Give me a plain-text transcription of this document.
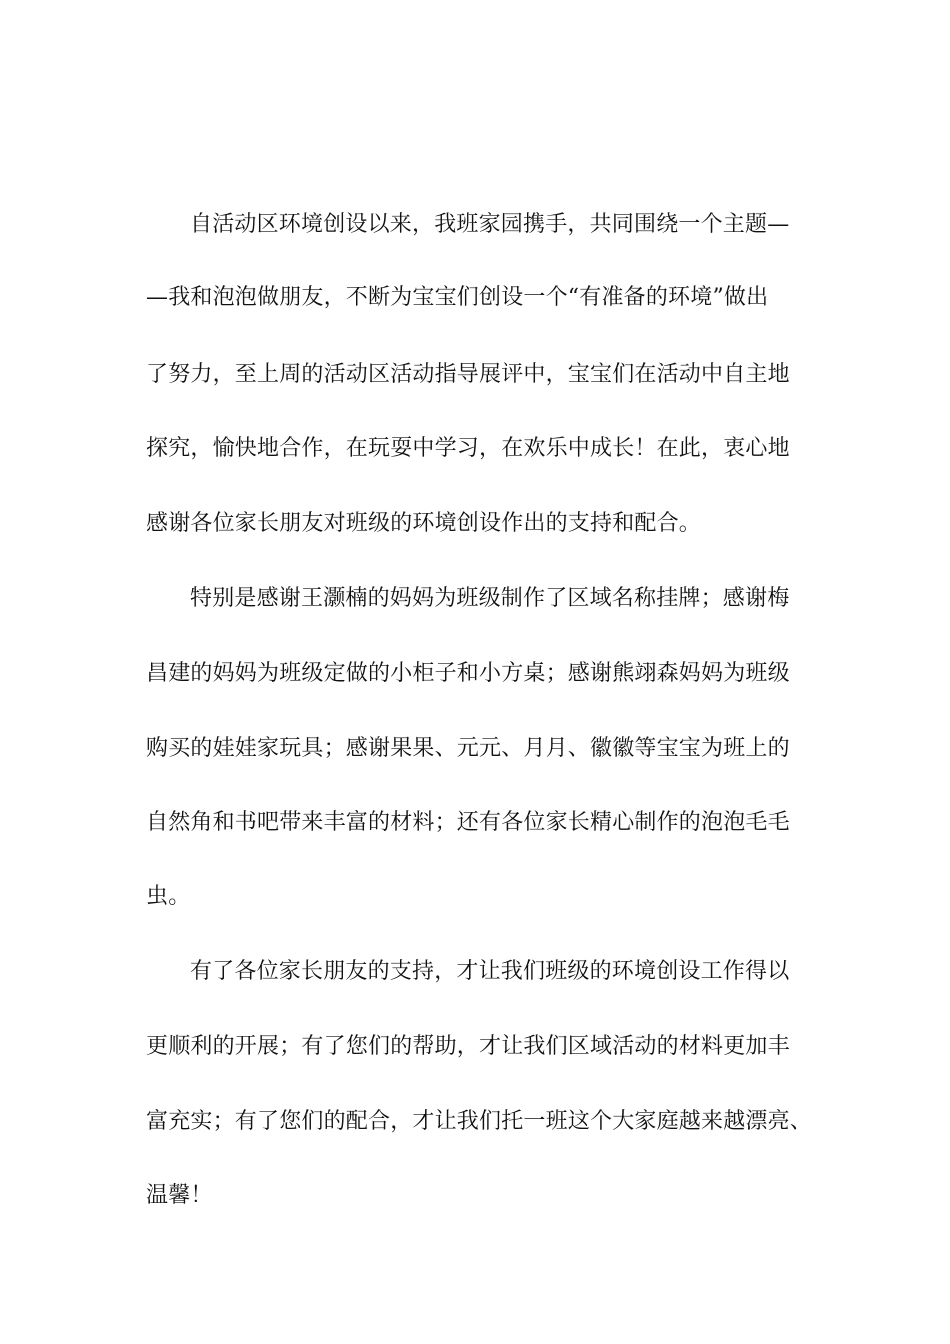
自活动区环境创设以来，我班家园携手，共同围绕一个主题—
—我和泡泡做朋友，不断为宝宝们创设一个“有准备的环境”做出
了努力，至上周的活动区活动指导展评中，宝宝们在活动中自主地
探究，愉快地合作，在玩耍中学习，在欢乐中成长！在此，衷心地
感谢各位家长朋友对班级的环境创设作出的支持和配合。
特别是感谢王灏楠的妈妈为班级制作了区域名称挂牌；感谢梅
昌建的妈妈为班级定做的小柜子和小方桌；感谢熊翊森妈妈为班级
购买的娃娃家玩具；感谢果果、元元、月月、徽徽等宝宝为班上的
自然角和书吧带来丰富的材料；还有各位家长精心制作的泡泡毛毛
虫。
有了各位家长朋友的支持，才让我们班级的环境创设工作得以
更顺利的开展；有了您们的帮助，才让我们区域活动的材料更加丰
富充实；有了您们的配合，才让我们托一班这个大家庭越来越漂亮、
温馨！
